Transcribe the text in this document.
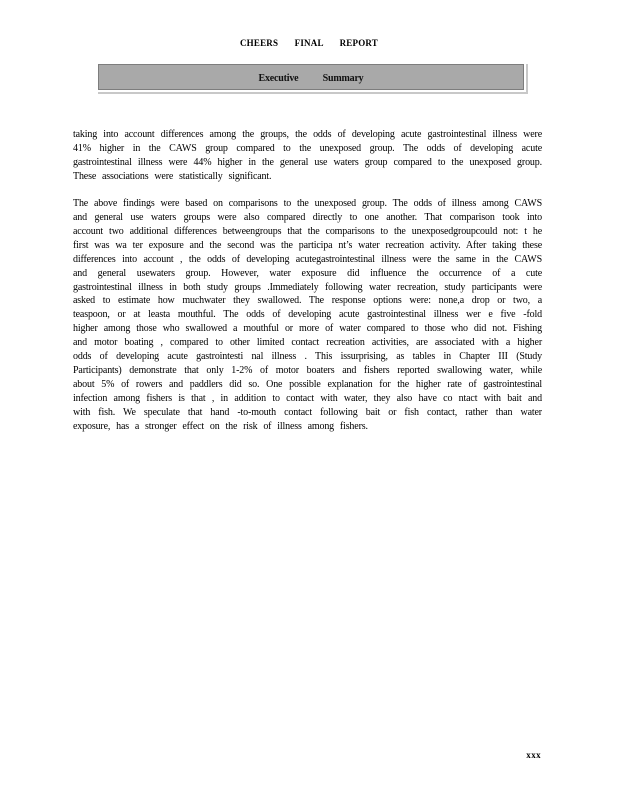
CHEERS FINAL REPORT
Executive Summary

taking into account differences among the groups, the odds of developing acute gastrointestinal illness were 41% higher in the CAWS group compared to the unexposed group. The odds of developing acute gastrointestinal illness were 44% higher in the general use waters group compared to the unexposed group. These associations were statistically significant.

The above findings were based on comparisons to the unexposed group. The odds of illness among CAWS and general use waters groups were also compared directly to one another. That comparison took into account two additional differences betweengroups that the comparisons to the unexposedgroupcould not: t he first was wa ter exposure and the second was the participa nt’s water recreation activity. After taking these differences into account , the odds of developing acutegastrointestinal illness were the same in the CAWS and general usewaters group. However, water exposure did influence the occurrence of a cute gastrointestinal illness in both study groups .Immediately following water recreation, study participants were asked to estimate how muchwater they swallowed. The response options were: none,a drop or two, a teaspoon, or at leasta mouthful. The odds of developing acute gastrointestinal illness wer e five -fold higher among those who swallowed a mouthful or more of water compared to those who did not. Fishing and motor boating , compared to other limited contact recreation activities, are associated with a higher odds of developing acute gastrointesti nal illness . This issurprising, as tables in Chapter III (Study Participants) demonstrate that only 1-2% of motor boaters and fishers reported swallowing water, while about 5% of rowers and paddlers did so. One possible explanation for the higher rate of gastrointestinal infection among fishers is that , in addition to contact with water, they also have co ntact with bait and with fish. We speculate that hand -to-mouth contact following bait or fish contact, rather than water exposure, has a stronger effect on the risk of illness among fishers.

xxx
